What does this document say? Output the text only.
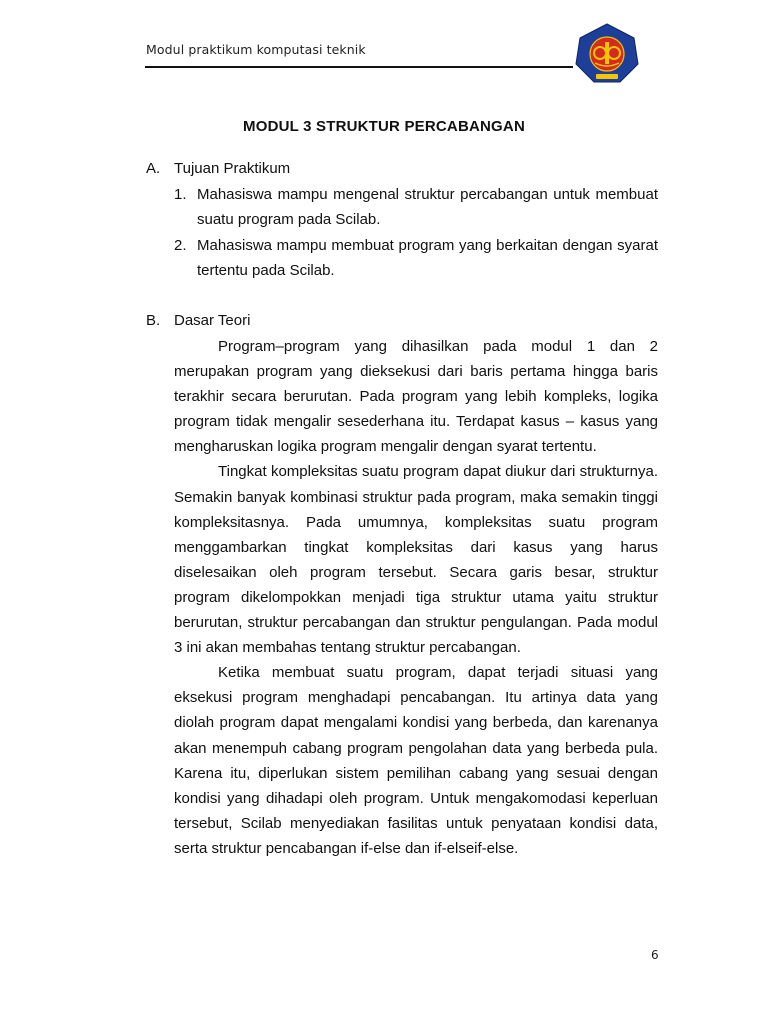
Modul praktikum komputasi teknik
MODUL 3 STRUKTUR PERCABANGAN
A. Tujuan Praktikum
1. Mahasiswa mampu mengenal struktur percabangan untuk membuat suatu program pada Scilab.
2. Mahasiswa mampu membuat program yang berkaitan dengan syarat tertentu pada Scilab.
B. Dasar Teori

Program–program yang dihasilkan pada modul 1 dan 2 merupakan program yang dieksekusi dari baris pertama hingga baris terakhir secara berurutan. Pada program yang lebih kompleks, logika program tidak mengalir sesederhana itu. Terdapat kasus – kasus yang mengharuskan logika program mengalir dengan syarat tertentu.

Tingkat kompleksitas suatu program dapat diukur dari strukturnya. Semakin banyak kombinasi struktur pada program, maka semakin tinggi kompleksitasnya. Pada umumnya, kompleksitas suatu program menggambarkan tingkat kompleksitas dari kasus yang harus diselesaikan oleh program tersebut. Secara garis besar, struktur program dikelompokkan menjadi tiga struktur utama yaitu struktur berurutan, struktur percabangan dan struktur pengulangan. Pada modul 3 ini akan membahas tentang struktur percabangan.

Ketika membuat suatu program, dapat terjadi situasi yang eksekusi program menghadapi pencabangan. Itu artinya data yang diolah program dapat mengalami kondisi yang berbeda, dan karenanya akan menempuh cabang program pengolahan data yang berbeda pula. Karena itu, diperlukan sistem pemilihan cabang yang sesuai dengan kondisi yang dihadapi oleh program. Untuk mengakomodasi keperluan tersebut, Scilab menyediakan fasilitas untuk penyataan kondisi data, serta struktur pencabangan if-else dan if-elseif-else.

6
